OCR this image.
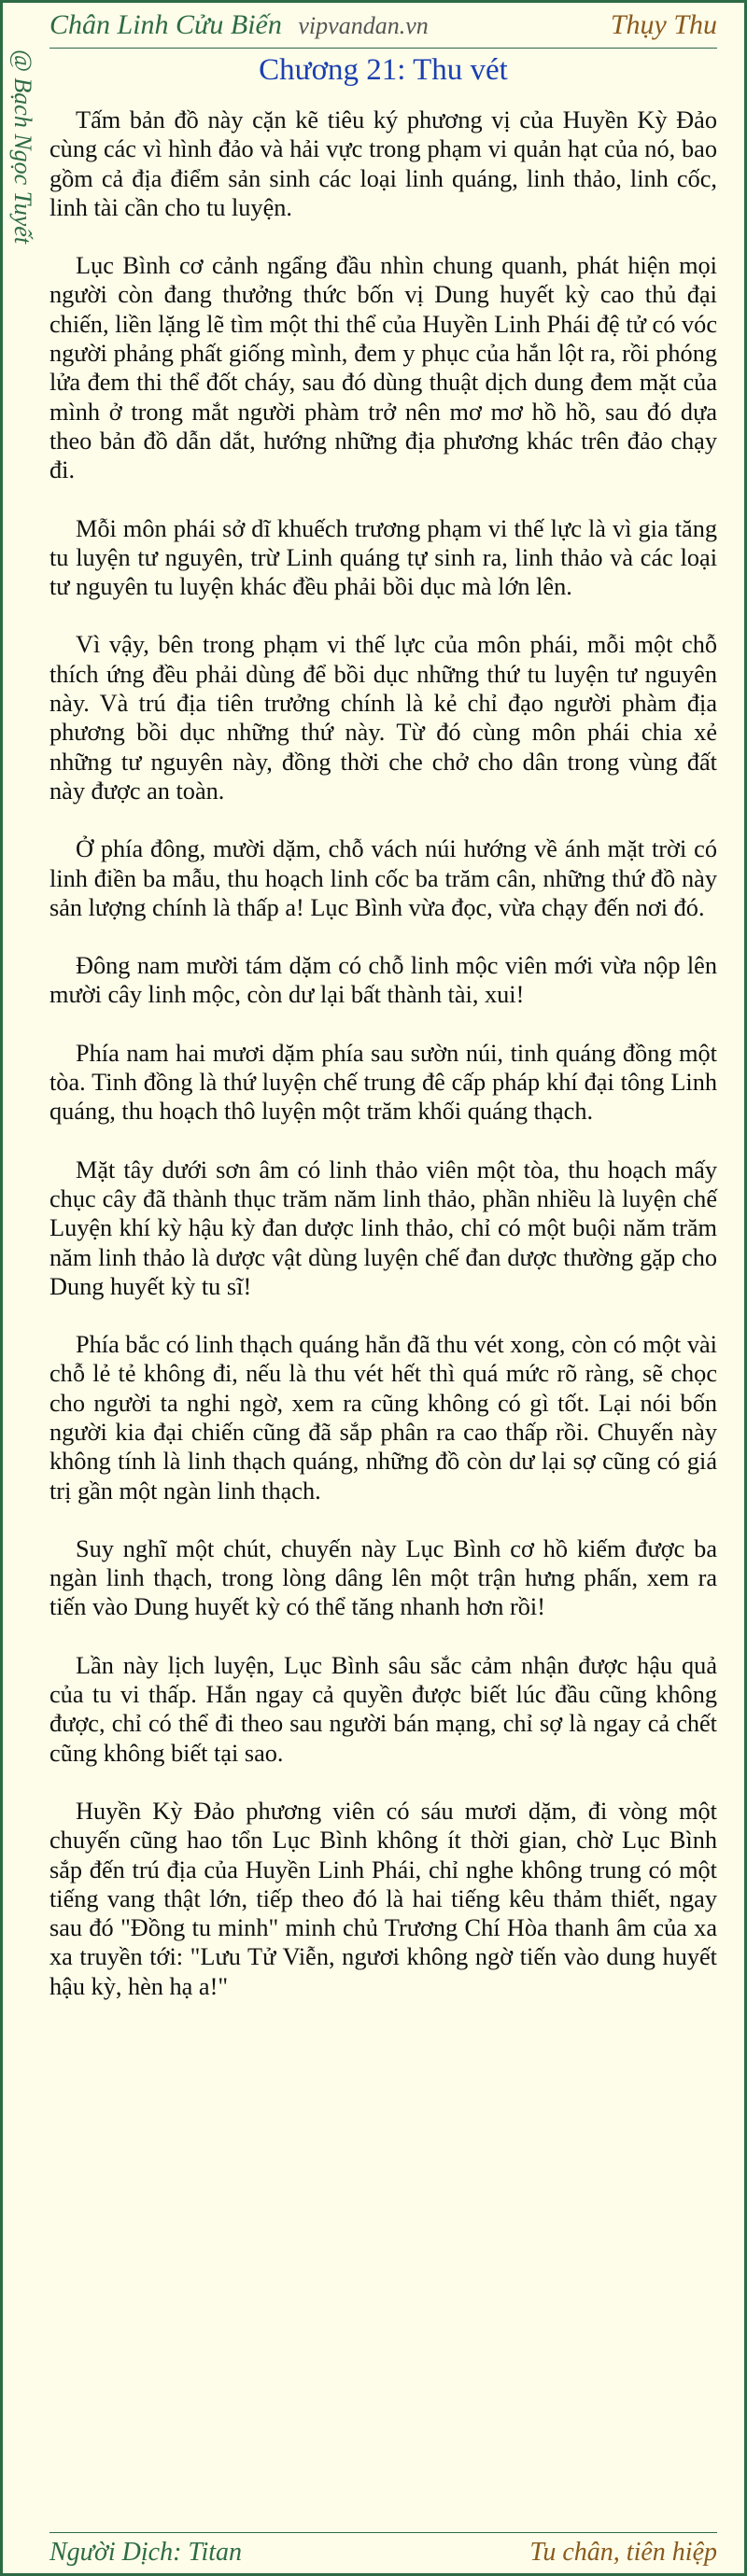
Chân Linh Cửu Biến vipvandan.vn	Thụy Thu
@ Bạch Ngọc Tuyết	Chương 21: Thu vét

Tấm bản đồ này cặn kẽ tiêu ký phương vị của Huyền Kỳ Đảo cùng các vì hình đảo và hải vực trong phạm vi quản hạt của nó, bao gồm cả địa điểm sản sinh các loại linh quáng, linh thảo, linh cốc, linh tài cần cho tu luyện.

Lục Bình cơ cảnh ngẩng đầu nhìn chung quanh, phát hiện mọi người còn đang thưởng thức bốn vị Dung huyết kỳ cao thủ đại chiến, liền lặng lẽ tìm một thi thể của Huyền Linh Phái đệ tử có vóc người phảng phất giống mình, đem y phục của hắn lột ra, rồi phóng lửa đem thi thể đốt cháy, sau đó dùng thuật dịch dung đem mặt của mình ở trong mắt người phàm trở nên mơ mơ hồ hồ, sau đó dựa theo bản đồ dẫn dắt, hướng những địa phương khác trên đảo chạy đi.

Mỗi môn phái sở dĩ khuếch trương phạm vi thế lực là vì gia tăng tu luyện tư nguyên, trừ Linh quáng tự sinh ra, linh thảo và các loại tư nguyên tu luyện khác đều phải bồi dục mà lớn lên.

Vì vậy, bên trong phạm vi thế lực của môn phái, mỗi một chỗ thích ứng đều phải dùng để bồi dục những thứ tu luyện tư nguyên này. Và trú địa tiên trưởng chính là kẻ chỉ đạo người phàm địa phương bồi dục những thứ này. Từ đó cùng môn phái chia xẻ những tư nguyên này, đồng thời che chở cho dân trong vùng đất này được an toàn.

Ở phía đông, mười dặm, chỗ vách núi hướng về ánh mặt trời có linh điền ba mẫu, thu hoạch linh cốc ba trăm cân, những thứ đồ này sản lượng chính là thấp a! Lục Bình vừa đọc, vừa chạy đến nơi đó.

Đông nam mười tám dặm có chỗ linh mộc viên mới vừa nộp lên mười cây linh mộc, còn dư lại bất thành tài, xui!

Phía nam hai mươi dặm phía sau sườn núi, tinh quáng đồng một tòa. Tinh đồng là thứ luyện chế trung đê cấp pháp khí đại tông Linh quáng, thu hoạch thô luyện một trăm khối quáng thạch.

Mặt tây dưới sơn âm có linh thảo viên một tòa, thu hoạch mấy chục cây đã thành thục trăm năm linh thảo, phần nhiều là luyện chế Luyện khí kỳ hậu kỳ đan dược linh thảo, chỉ có một buội năm trăm năm linh thảo là dược vật dùng luyện chế đan dược thường gặp cho Dung huyết kỳ tu sĩ!

Phía bắc có linh thạch quáng hẳn đã thu vét xong, còn có một vài chỗ lẻ tẻ không đi, nếu là thu vét hết thì quá mức rõ ràng, sẽ chọc cho người ta nghi ngờ, xem ra cũng không có gì tốt. Lại nói bốn người kia đại chiến cũng đã sắp phân ra cao thấp rồi. Chuyến này không tính là linh thạch quáng, những đồ còn dư lại sợ cũng có giá trị gần một ngàn linh thạch.

Suy nghĩ một chút, chuyến này Lục Bình cơ hồ kiếm được ba ngàn linh thạch, trong lòng dâng lên một trận hưng phấn, xem ra tiến vào Dung huyết kỳ có thể tăng nhanh hơn rồi!

Lần này lịch luyện, Lục Bình sâu sắc cảm nhận được hậu quả của tu vi thấp. Hắn ngay cả quyền được biết lúc đầu cũng không được, chỉ có thể đi theo sau người bán mạng, chỉ sợ là ngay cả chết cũng không biết tại sao.

Huyền Kỳ Đảo phương viên có sáu mươi dặm, đi vòng một chuyến cũng hao tổn Lục Bình không ít thời gian, chờ Lục Bình sắp đến trú địa của Huyền Linh Phái, chỉ nghe không trung có một tiếng vang thật lớn, tiếp theo đó là hai tiếng kêu thảm thiết, ngay sau đó "Đồng tu minh" minh chủ Trương Chí Hòa thanh âm của xa xa truyền tới: "Lưu Tử Viễn, ngươi không ngờ tiến vào dung huyết hậu kỳ, hèn hạ a!"

Người Dịch: Titan	Tu chân, tiên hiệp
